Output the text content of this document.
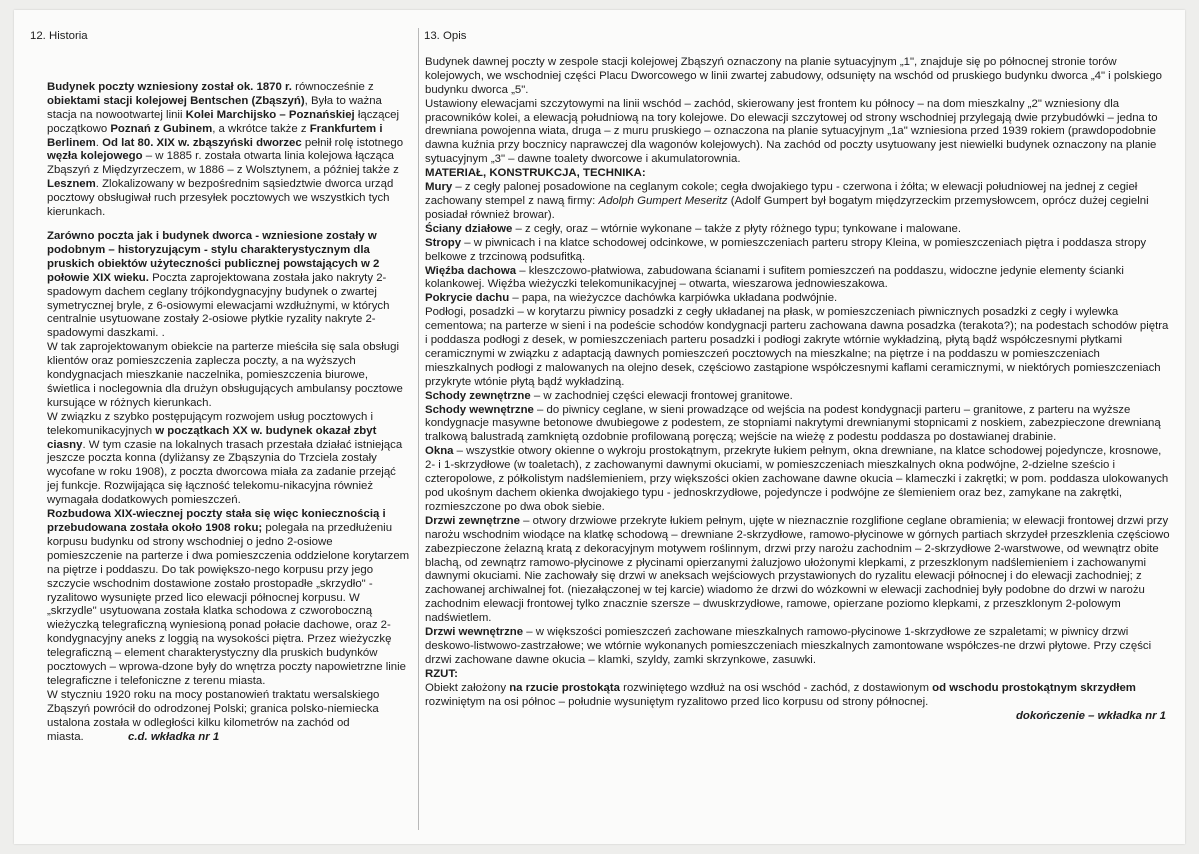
12. Historia

Budynek poczty wzniesiony został ok. 1870 r. równocześnie z obiektami stacji kolejowej Bentschen (Zbąszyń), Była to ważna stacja na nowootwartej linii Kolei Marchijsko – Poznańskiej łączącej początkowo Poznań z Gubinem, a wkrótce także z Frankfurtem i Berlinem. Od lat 80. XIX w. zbąszyński dworzec pełnił rolę istotnego węzła kolejowego – w 1885 r. została otwarta linia kolejowa łącząca Zbąszyń z Międzyrzeczem, w 1886 – z Wolsztynem, a później także z Lesznem. Zlokalizowany w bezpośrednim sąsiedztwie dworca urząd pocztowy obsługiwał ruch przesyłek pocztowych we wszystkich tych kierunkach.

Zarówno poczta jak i budynek dworca - wzniesione zostały w podobnym – historyzującym - stylu charakterystycznym dla pruskich obiektów użyteczności publicznej powstających w 2 połowie XIX wieku. Poczta zaprojektowana została jako nakryty 2-spadowym dachem ceglany trójkondygnacyjny budynek o zwartej symetrycznej bryle, z 6-osiowymi elewacjami wzdłużnymi, w których centralnie usytuowane zostały 2-osiowe płytkie ryzality nakryte 2-spadowymi daszkami. .

W tak zaprojektowanym obiekcie na parterze mieściła się sala obsługi klientów oraz pomieszczenia zaplecza poczty, a na wyższych kondygnacjach mieszkanie naczelnika, pomieszczenia biurowe, świetlica i noclegownia dla drużyn obsługujących ambulansy pocztowe kursujące w różnych kierunkach.

W związku z szybko postępującym rozwojem usług pocztowych i telekomunikacyjnych w początkach XX w. budynek okazał zbyt ciasny. W tym czasie na lokalnych trasach przestała działać istniejąca jeszcze poczta konna (dyliżansy ze Zbąszynia do Trzciela zostały wycofane w roku 1908), z poczta dworcowa miała za zadanie przejąć jej funkcje. Rozwijająca się łączność telekomu-nikacyjna również wymagała dodatkowych pomieszczeń.

Rozbudowa XIX-wiecznej poczty stała się więc koniecznością i przebudowana została około 1908 roku; polegała na przedłużeniu korpusu budynku od strony wschodniej o jedno 2-osiowe pomieszczenie na parterze i dwa pomieszczenia oddzielone korytarzem na piętrze i poddaszu. Do tak powiększo-nego korpusu przy jego szczycie wschodnim dostawione zostało prostopadłe „skrzydło" - ryzalitowo wysunięte przed lico elewacji północnej korpusu. W „skrzydle" usytuowana została klatka schodowa z czworoboczną wieżyczką telegraficzną wyniesioną ponad połacie dachowe, oraz 2-kondygnacyjny aneks z loggią na wysokości piętra. Przez wieżyczkę telegraficzną – element charakterystyczny dla pruskich budynków pocztowych – wprowa-dzone były do wnętrza poczty napowietrzne linie telegraficzne i telefoniczne z terenu miasta.

W styczniu 1920 roku na mocy postanowień traktatu wersalskiego Zbąszyń powrócił do odrodzonej Polski; granica polsko-niemiecka ustalona została w odległości kilku kilometrów na zachód od miasta.	c.d. wkładka nr 1

13. Opis

Budynek dawnej poczty w zespole stacji kolejowej Zbąszyń oznaczony na planie sytuacyjnym „1", znajduje się po północnej stronie torów kolejowych, we wschodniej części Placu Dworcowego w linii zwartej zabudowy, odsunięty na wschód od pruskiego budynku dworca „4" i polskiego budynku dworca „5".

Ustawiony elewacjami szczytowymi na linii wschód – zachód, skierowany jest frontem ku północy – na dom mieszkalny „2" wzniesiony dla pracowników kolei, a elewacją południową na tory kolejowe. Do elewacji szczytowej od strony wschodniej przylegają dwie przybudówki – jedna to drewniana powojenna wiata, druga – z muru pruskiego – oznaczona na planie sytuacyjnym „1a" wzniesiona przed 1939 rokiem (prawdopodobnie dawna kuźnia przy bocznicy naprawczej dla wagonów kolejowych). Na zachód od poczty usytuowany jest niewielki budynek oznaczony na planie sytuacyjnym „3" – dawne toalety dworcowe i akumulatorownia.

MATERIAŁ, KONSTRUKCJA, TECHNIKA:

Mury – z cegły palonej posadowione na ceglanym cokole; cegła dwojakiego typu - czerwona i żółta; w elewacji południowej na jednej z cegieł zachowany stempel z nawą firmy: Adolph Gumpert Meseritz (Adolf Gumpert był bogatym międzyrzeckim przemysłowcem, oprócz dużej cegielni posiadał również browar).

Ściany działowe – z cegły, oraz – wtórnie wykonane – także z płyty różnego typu; tynkowane i malowane.

Stropy – w piwnicach i na klatce schodowej odcinkowe, w pomieszczeniach parteru stropy Kleina, w pomieszczeniach piętra i poddasza stropy belkowe z trzcinową podsufitką.

Więźba dachowa – kleszczowo-płatwiowa, zabudowana ścianami i sufitem pomieszczeń na poddaszu, widoczne jedynie elementy ścianki kolankowej. Więźba wieżyczki telekomunikacyjnej – otwarta, wieszarowa jednowieszakowa.

Pokrycie dachu – papa, na wieżyczce dachówka karpiówka układana podwójnie.

Podłogi, posadzki – w korytarzu piwnicy posadzki z cegły układanej na płask, w pomieszczeniach piwnicznych posadzki z cegły i wylewka cementowa; na parterze w sieni i na podeście schodów kondygnacji parteru zachowana dawna posadzka (terakota?); na podestach schodów piętra i poddasza podłogi z desek, w pomieszczeniach parteru posadzki i podłogi zakryte wtórnie wykładziną, płytą bądź współczesnymi płytkami ceramicznymi w związku z adaptacją dawnych pomieszczeń pocztowych na mieszkalne; na piętrze i na poddaszu w pomieszczeniach mieszkalnych podłogi z malowanych na olejno desek, częściowo zastąpione współczesnymi kaflami ceramicznymi, w niektórych pomieszczeniach przykryte wtónie płytą bądź wykładziną.

Schody zewnętrzne – w zachodniej części elewacji frontowej granitowe.

Schody wewnętrzne – do piwnicy ceglane, w sieni prowadzące od wejścia na podest kondygnacji parteru – granitowe, z parteru na wyższe kondygnacje masywne betonowe dwubiegowe z podestem, ze stopniami nakrytymi drewnianymi stopnicami z noskiem, zabezpieczone drewnianą tralkową balustradą zamkniętą ozdobnie profilowaną poręczą; wejście na wieżę z podestu poddasza po dostawianej drabinie.

Okna – wszystkie otwory okienne o wykroju prostokątnym, przekryte łukiem pełnym, okna drewniane, na klatce schodowej pojedyncze, krosnowe, 2- i 1-skrzydłowe (w toaletach), z zachowanymi dawnymi okuciami, w pomieszczeniach mieszkalnych okna podwójne, 2-dzielne sześcio i czteropolowe, z półkolistym nadślemieniem, przy większości okien zachowane dawne okucia – klameczki i zakrętki; w pom. poddasza ulokowanych pod ukośnym dachem okienka dwojakiego typu - jednoskrzydłowe, pojedyncze i podwójne ze ślemieniem oraz bez, zamykane na zakrętki, rozmieszczone po dwa obok siebie.

Drzwi zewnętrzne – otwory drzwiowe przekryte łukiem pełnym, ujęte w nieznacznie rozglifione ceglane obramienia; w elewacji frontowej drzwi przy narożu wschodnim wiodące na klatkę schodową – drewniane 2-skrzydłowe, ramowo-płycinowe w górnych partiach skrzydeł przeszklenia częściowo zabezpieczone żelazną kratą z dekoracyjnym motywem roślinnym, drzwi przy narożu zachodnim – 2-skrzydłowe 2-warstwowe, od wewnątrz obite blachą, od zewnątrz ramowo-płycinowe z płycinami opierzanymi żaluzjowo ułożonymi klepkami, z przeszklonym nadślemieniem i zachowanymi dawnymi okuciami. Nie zachowały się drzwi w aneksach wejściowych przystawionych do ryzalitu elewacji północnej i do elewacji zachodniej; z zachowanej archiwalnej fot. (niezałączonej w tej karcie) wiadomo że drzwi do wózkowni w elewacji zachodniej były podobne do drzwi w narożu zachodnim elewacji frontowej tylko znacznie szersze – dwuskrzydłowe, ramowe, opierzane poziomo klepkami, z przeszklonym 2-polowym nadświetlem.

Drzwi wewnętrzne – w większości pomieszczeń zachowane mieszkalnych ramowo-płycinowe 1-skrzydłowe ze szpaletami; w piwnicy drzwi deskowo-listwowo-zastrzałowe; we wtórnie wykonanych pomieszczeniach mieszkalnych zamontowane współczes-ne drzwi płytowe. Przy części drzwi zachowane dawne okucia – klamki, szyldy, zamki skrzynkowe, zasuwki.

RZUT:

Obiekt założony na rzucie prostokąta rozwiniętego wzdłuż na osi wschód - zachód, z dostawionym od wschodu prostokątnym skrzydłem rozwiniętym na osi północ – południe wysuniętym ryzalitowo przed lico korpusu od strony północnej.

dokończenie – wkładka nr 1
